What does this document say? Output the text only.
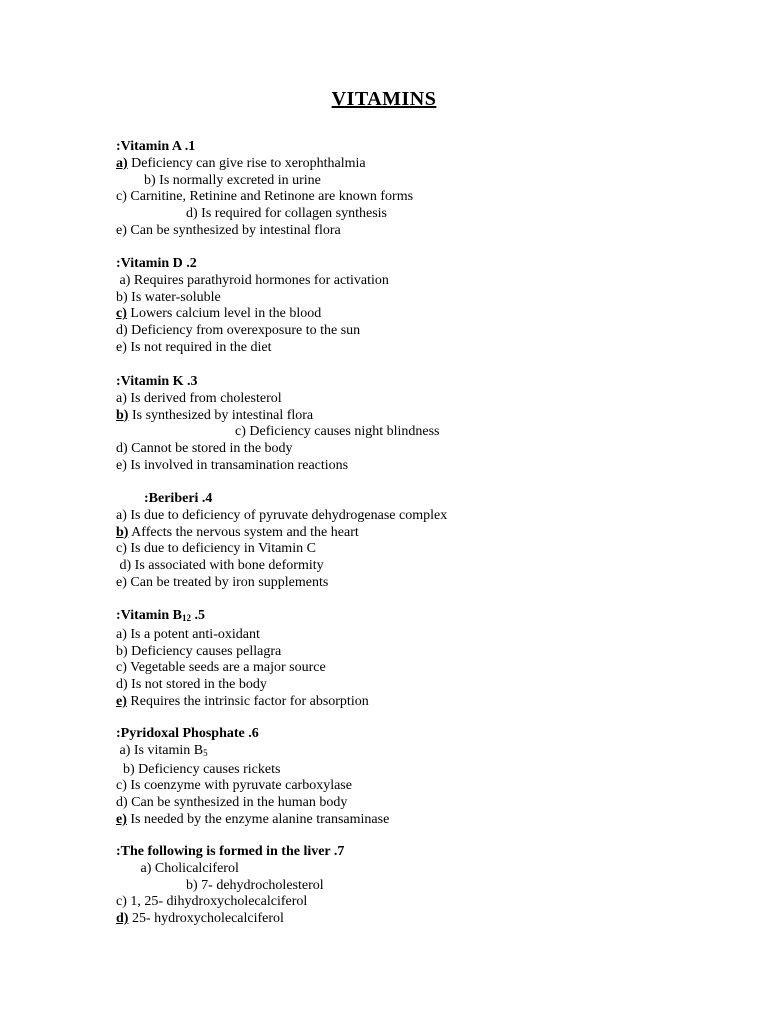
VITAMINS
:Vitamin A .1
a) Deficiency can give rise to xerophthalmia
b) Is normally excreted in urine
c) Carnitine, Retinine and Retinone are known forms
d) Is required for collagen synthesis
e) Can be synthesized by intestinal flora
:Vitamin D .2
a) Requires parathyroid hormones for activation
b) Is water-soluble
c) Lowers calcium level in the blood
d) Deficiency from overexposure to the sun
e) Is not required in the diet
:Vitamin K .3
a) Is derived from cholesterol
b) Is synthesized by intestinal flora
c) Deficiency causes night blindness
d) Cannot be stored in the body
e) Is involved in transamination reactions
:Beriberi .4
a) Is due to deficiency of pyruvate dehydrogenase complex
b) Affects the nervous system and the heart
c) Is due to deficiency in Vitamin C
d) Is associated with bone deformity
e) Can be treated by iron supplements
:Vitamin $B_{12}$ .5
a) Is a potent anti-oxidant
b) Deficiency causes pellagra
c) Vegetable seeds are a major source
d) Is not stored in the body
e) Requires the intrinsic factor for absorption
:Pyridoxal Phosphate .6
a) Is vitamin $B_5$
b) Deficiency causes rickets
c) Is coenzyme with pyruvate carboxylase
d) Can be synthesized in the human body
e) Is needed by the enzyme alanine transaminase
:The following is formed in the liver .7
a) Cholicalciferol
b) 7- dehydrocholesterol
c) 1, 25- dihydroxycholecalciferol
d) 25- hydroxycholecalciferol
